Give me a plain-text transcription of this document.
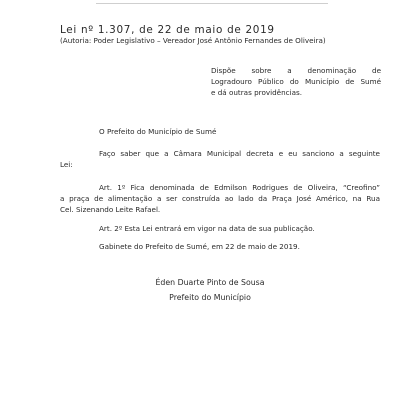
Lei nº 1.307, de 22 de maio de 2019
(Autoria: Poder Legislativo – Vereador José Antônio Fernandes de Oliveira)
Dispõe sobre a denominação de
Logradouro Público do Município de Sumé
e dá outras providências.
O Prefeito do Município de Sumé
Faço saber que a Câmara Municipal decreta e eu sanciono a seguinte
Lei:
Art. 1º Fica denominada de Edmilson Rodrigues de Oliveira, “Creofino”
a praça de alimentação a ser construída ao lado da Praça José Américo, na Rua
Cel. Sizenando Leite Rafael.
Art. 2º Esta Lei entrará em vigor na data de sua publicação.
Gabinete do Prefeito de Sumé, em 22 de maio de 2019.
Éden Duarte Pinto de Sousa
Prefeito do Município
